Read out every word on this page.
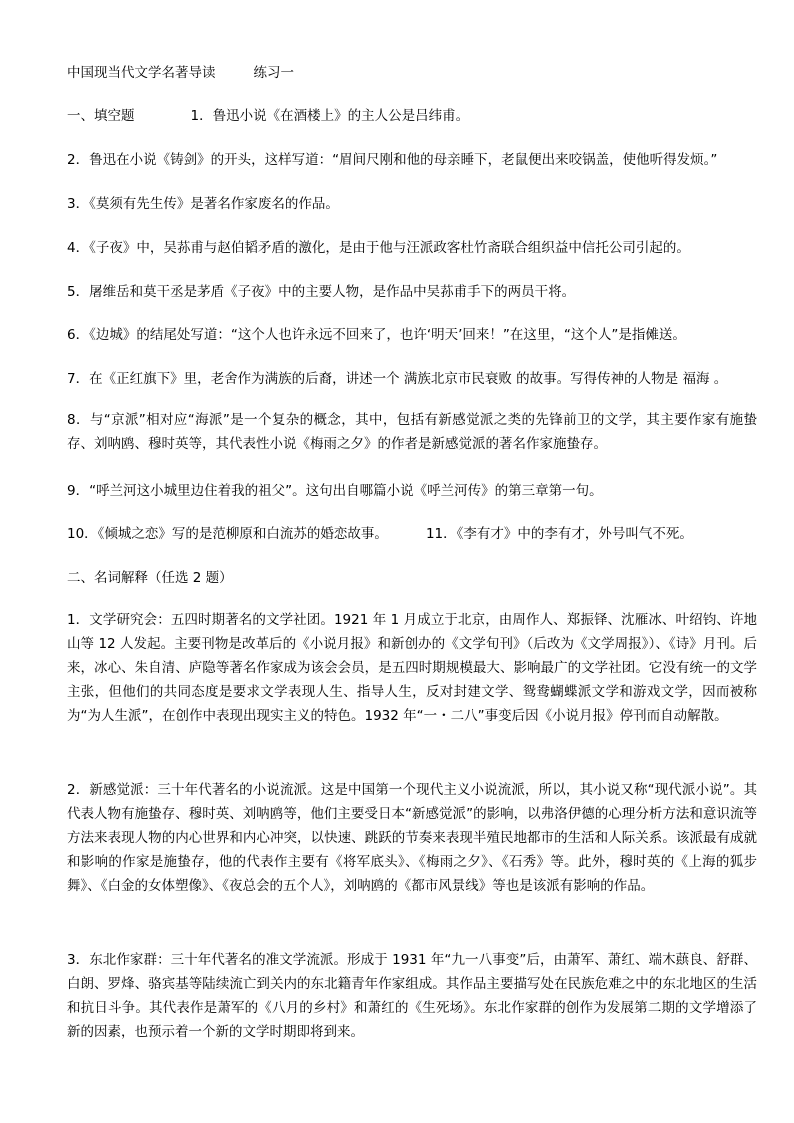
中国现当代文学名著导读	练习一
一、填空题	1．鲁迅小说《在酒楼上》的主人公是吕纬甫。
2．鲁迅在小说《铸剑》的开头，这样写道：“眉间尺刚和他的母亲睡下，老鼠便出来咬锅盖，使他听得发烦。”
3．《莫须有先生传》是著名作家废名的作品。
4．《子夜》中，吴荪甫与赵伯韬矛盾的激化，是由于他与汪派政客杜竹斋联合组织益中信托公司引起的。
5．屠维岳和莫干丞是茅盾《子夜》中的主要人物，是作品中吴荪甫手下的两员干将。
6．《边城》的结尾处写道：“这个人也许永远不回来了，也许‘明天’回来！”在这里，“这个人”是指傩送。
7．在《正红旗下》里，老舍作为满族的后裔，讲述一个 满族北京市民衰败 的故事。写得传神的人物是 福海 。
8．与“京派”相对应“海派”是一个复杂的概念，其中，包括有新感觉派之类的先锋前卫的文学，其主要作家有施蛰存、刘呐鸥、穆时英等，其代表性小说《梅雨之夕》的作者是新感觉派的著名作家施蛰存。
9．“呼兰河这小城里边住着我的祖父”。这句出自哪篇小说《呼兰河传》的第三章第一句。
10．《倾城之恋》写的是范柳原和白流苏的婚恋故事。	11．《李有才》中的李有才，外号叫气不死。
二、名词解释（任选 2 题）
1．文学研究会：五四时期著名的文学社团。1921 年 1 月成立于北京，由周作人、郑振铎、沈雁冰、叶绍钧、许地山等 12 人发起。主要刊物是改革后的《小说月报》和新创办的《文学旬刊》（后改为《文学周报》）、《诗》月刊。后来，冰心、朱自清、庐隐等著名作家成为该会会员，是五四时期规模最大、影响最广的文学社团。它没有统一的文学主张，但他们的共同态度是要求文学表现人生、指导人生，反对封建文学、鸳鸯蝴蝶派文学和游戏文学，因而被称为“为人生派”，在创作中表现出现实主义的特色。1932 年“一・二八”事变后因《小说月报》停刊而自动解散。
2．新感觉派：三十年代著名的小说流派。这是中国第一个现代主义小说流派，所以，其小说又称“现代派小说”。其代表人物有施蛰存、穆时英、刘呐鸥等，他们主要受日本“新感觉派”的影响，以弗洛伊德的心理分析方法和意识流等方法来表现人物的内心世界和内心冲突，以快速、跳跃的节奏来表现半殖民地都市的生活和人际关系。该派最有成就和影响的作家是施蛰存，他的代表作主要有《将军底头》、《梅雨之夕》、《石秀》等。此外，穆时英的《上海的狐步舞》、《白金的女体塑像》、《夜总会的五个人》，刘呐鸥的《都市风景线》等也是该派有影响的作品。
3．东北作家群：三十年代著名的准文学流派。形成于 1931 年“九一八事变”后，由萧军、萧红、端木蕻良、舒群、白朗、罗烽、骆宾基等陆续流亡到关内的东北籍青年作家组成。其作品主要描写处在民族危难之中的东北地区的生活和抗日斗争。其代表作是萧军的《八月的乡村》和萧红的《生死场》。东北作家群的创作为发展第二期的文学增添了新的因素，也预示着一个新的文学时期即将到来。
